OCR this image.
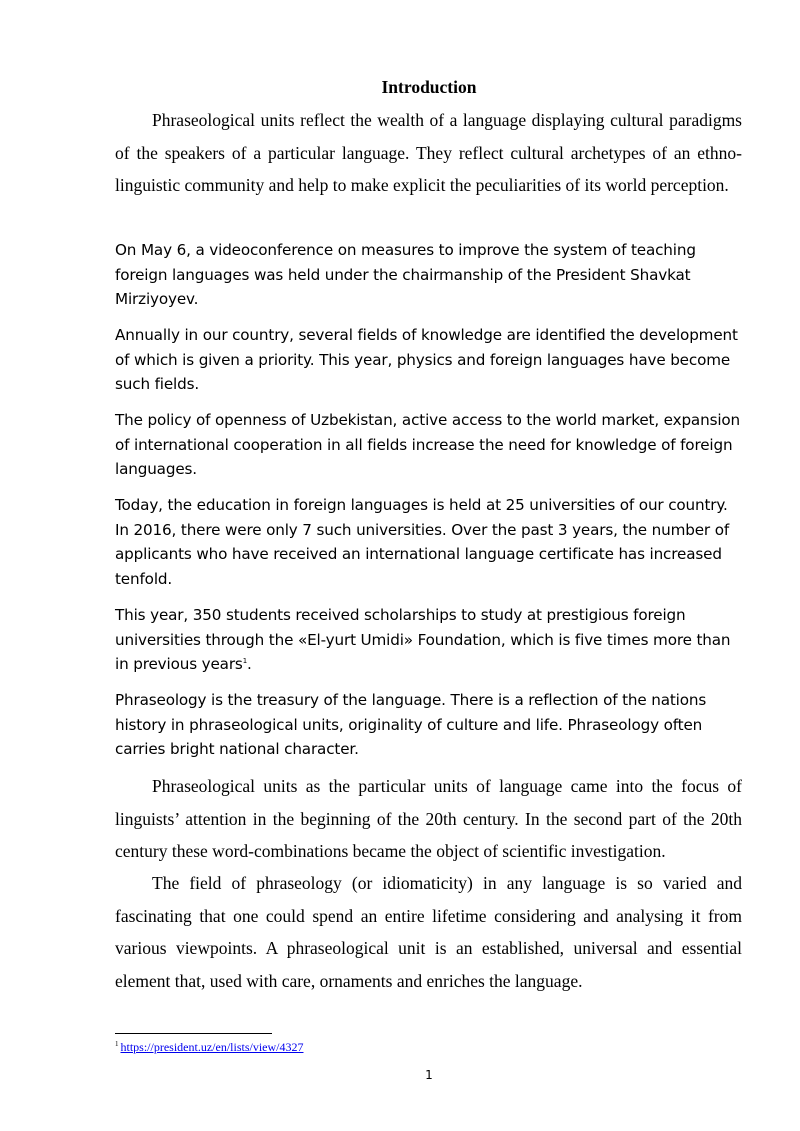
Introduction

Phraseological units reflect the wealth of a language displaying cultural paradigms of the speakers of a particular language. They reflect cultural archetypes of an ethno-linguistic community and help to make explicit the peculiarities of its world perception.

On May 6, a videoconference on measures to improve the system of teaching foreign languages was held under the chairmanship of the President Shavkat Mirziyoyev.

Annually in our country, several fields of knowledge are identified the development of which is given a priority. This year, physics and foreign languages have become such fields.

The policy of openness of Uzbekistan, active access to the world market, expansion of international cooperation in all fields increase the need for knowledge of foreign languages.

Today, the education in foreign languages is held at 25 universities of our country. In 2016, there were only 7 such universities. Over the past 3 years, the number of applicants who have received an international language certificate has increased tenfold.

This year, 350 students received scholarships to study at prestigious foreign universities through the «El-yurt Umidi» Foundation, which is five times more than in previous years$^1$.

Phraseology is the treasury of the language. There is a reflection of the nations history in phraseological units, originality of culture and life. Phraseology often carries bright national character.

Phraseological units as the particular units of language came into the focus of linguists’ attention in the beginning of the 20th century. In the second part of the 20th century these word-combinations became the object of scientific investigation.

The field of phraseology (or idiomaticity) in any language is so varied and fascinating that one could spend an entire lifetime considering and analysing it from various viewpoints. A phraseological unit is an established, universal and essential element that, used with care, ornaments and enriches the language.

$^1$ https://president.uz/en/lists/view/4327
1
